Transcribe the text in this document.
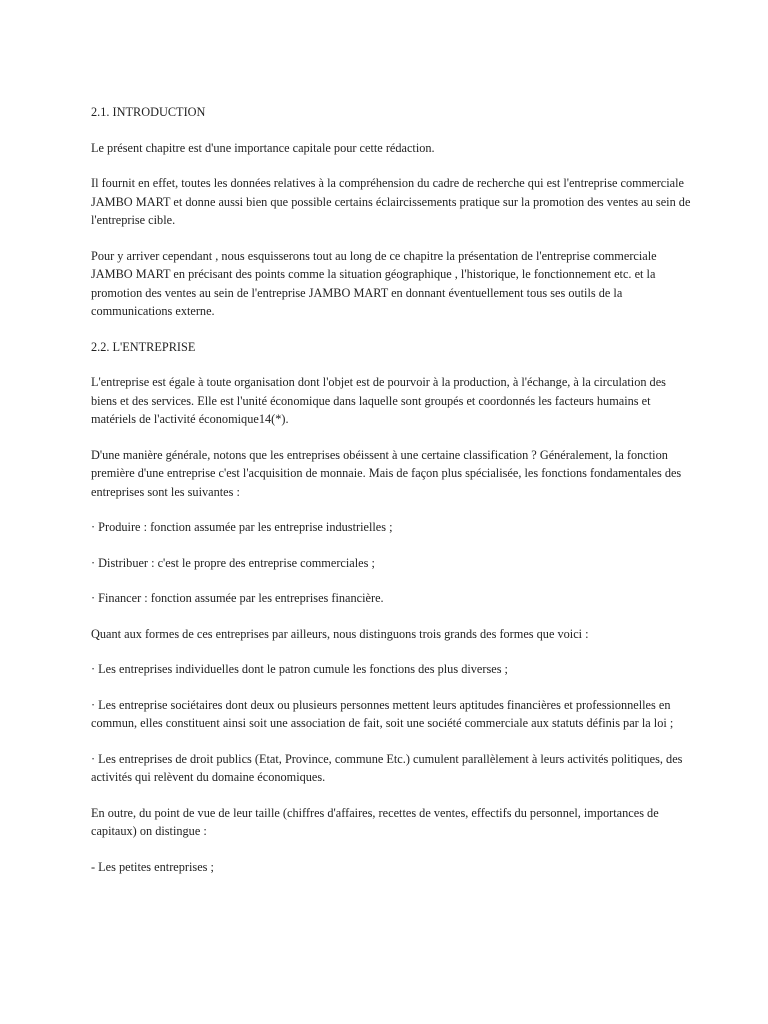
2.1. INTRODUCTION

Le présent chapitre est d'une importance capitale pour cette rédaction.

Il fournit en effet, toutes les données relatives à la compréhension du cadre de recherche qui est l'entreprise commerciale JAMBO MART et donne aussi bien que possible certains éclaircissements pratique sur la promotion des ventes au sein de l'entreprise cible.

Pour y arriver cependant , nous esquisserons tout au long de ce chapitre la présentation de l'entreprise commerciale JAMBO MART en précisant des points comme la situation géographique , l'historique, le fonctionnement etc. et la promotion des ventes au sein de l'entreprise JAMBO MART en donnant éventuellement tous ses outils de la communications externe.

2.2. L'ENTREPRISE

L'entreprise est égale à toute organisation dont l'objet est de pourvoir à la production, à l'échange, à la circulation des biens et des services. Elle est l'unité économique dans laquelle sont groupés et coordonnés les facteurs humains et matériels de l'activité économique14(*).

D'une manière générale, notons que les entreprises obéissent à une certaine classification ? Généralement, la fonction première d'une entreprise c'est l'acquisition de monnaie. Mais de façon plus spécialisée, les fonctions fondamentales des entreprises sont les suivantes :

· Produire : fonction assumée par les entreprise industrielles ;

· Distribuer : c'est le propre des entreprise commerciales ;

· Financer : fonction assumée par les entreprises financière.

Quant aux formes de ces entreprises par ailleurs, nous distinguons trois grands des formes que voici :

· Les entreprises individuelles dont le patron cumule les fonctions des plus diverses ;

· Les entreprise sociétaires dont deux ou plusieurs personnes mettent leurs aptitudes financières et professionnelles en commun, elles constituent ainsi soit une association de fait, soit une société commerciale aux statuts définis par la loi ;

· Les entreprises de droit publics (Etat, Province, commune Etc.) cumulent parallèlement à leurs activités politiques, des activités qui relèvent du domaine économiques.

En outre, du point de vue de leur taille (chiffres d'affaires, recettes de ventes, effectifs du personnel, importances de capitaux) on distingue :

- Les petites entreprises ;
